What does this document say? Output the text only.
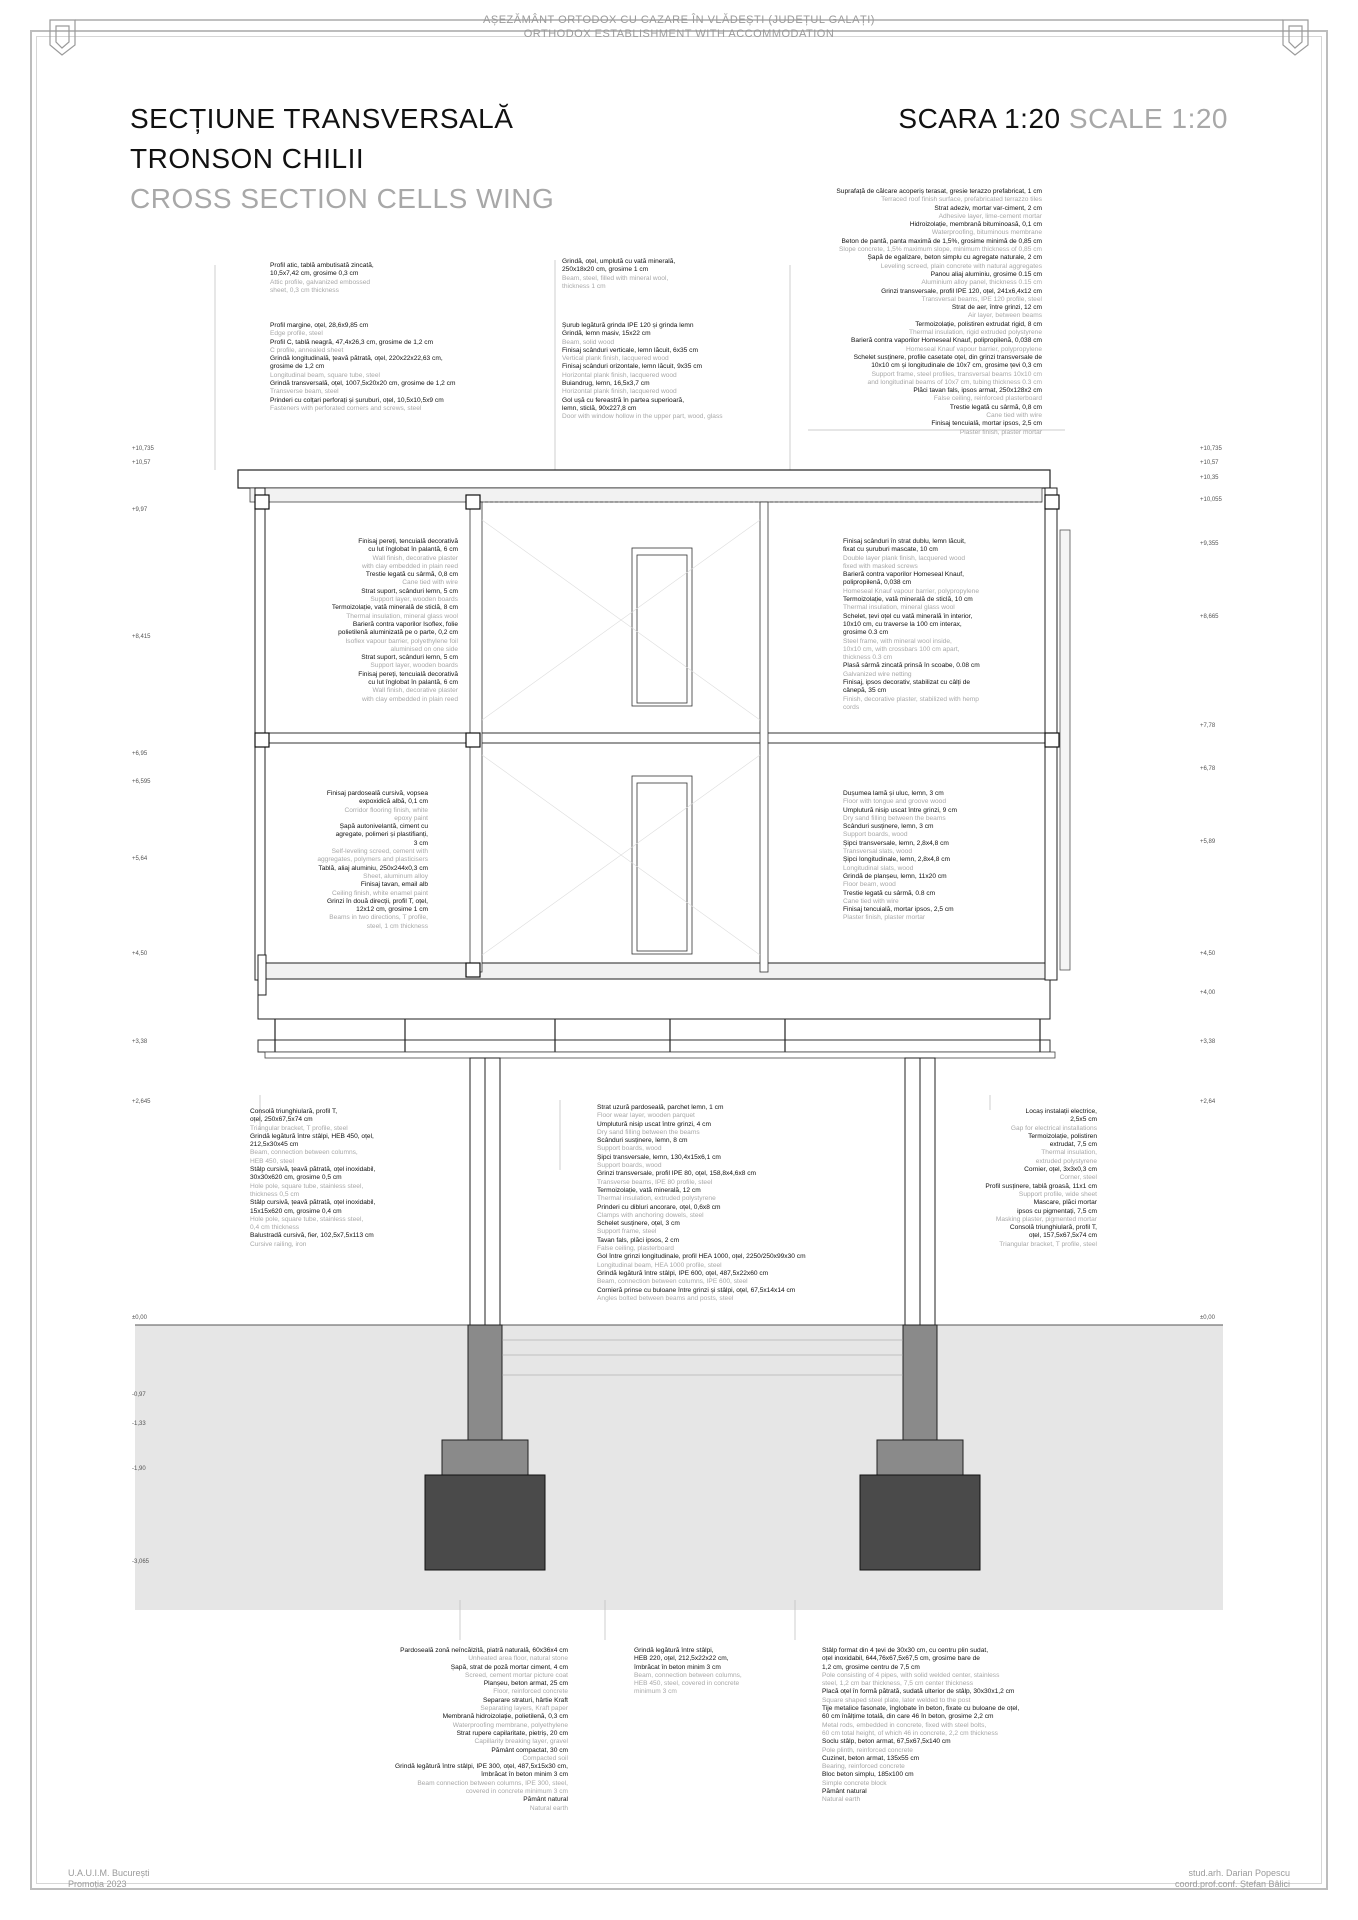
AȘEZĂMÂNT ORTODOX CU CAZARE ÎN VLĂDEȘTI (JUDEȚUL GALAȚI)
ORTHODOX ESTABLISHMENT WITH ACCOMMODATION
SECȚIUNE TRANSVERSALĂ
TRONSON CHILII
CROSS SECTION CELLS WING
SCARA 1:20 SCALE 1:20
+10,735
+10,57
+9,97
+8,415
+6,95
+6,595
+5,64
+4,50
+3,38
+2,645
±0,00
-0,97
-1,33
-1,90
-3,065
+10,735
+10,57
+10,35
+10,055
+9,355
+8,665
+7,78
+6,78
+5,89
+4,50
+4,00
+3,38
+2,64
±0,00
Profil atic, tablă ambutisată zincată,
10,5x7,42 cm, grosime 0,3 cm
Attic profile, galvanized embossed
sheet, 0,3 cm thickness
Profil margine, oțel, 28,6x9,85 cm
Edge profile, steel
Profil C, tablă neagră, 47,4x26,3 cm, grosime de 1,2 cm
C profile, annealed sheet
Grindă longitudinală, țeavă pătrată, oțel, 220x22x22,63 cm,
grosime de 1,2 cm
Longitudinal beam, square tube, steel
Grindă transversală, oțel, 1007,5x20x20 cm, grosime de 1,2 cm
Transverse beam, steel
Prinderi cu colțari perforați și șuruburi, oțel, 10,5x10,5x9 cm
Fasteners with perforated corners and screws, steel
Grindă, oțel, umplută cu vată minerală,
250x18x20 cm, grosime 1 cm
Beam, steel, filled with mineral wool,
thickness 1 cm
Șurub legătură grinda IPE 120 și grinda lemn
Grindă, lemn masiv, 15x22 cm
Beam, solid wood
Finisaj scânduri verticale, lemn lăcuit, 6x35 cm
Vertical plank finish, lacquered wood
Finisaj scânduri orizontale, lemn lăcuit, 9x35 cm
Horizontal plank finish, lacquered wood
Buiandrug, lemn, 16,5x3,7 cm
Horizontal plank finish, lacquered wood
Gol ușă cu fereastră în partea superioară,
lemn, sticlă, 90x227,8 cm
Door with window hollow in the upper part, wood, glass
Suprafață de călcare acoperiș terasat, gresie terazzo prefabricat, 1 cm
Terraced roof finish surface, prefabricated terrazzo tiles
Strat adeziv, mortar var-ciment, 2 cm
Adhesive layer, lime-cement mortar
Hidroizolație, membrană bituminoasă, 0,1 cm
Waterproofing, bituminous membrane
Beton de pantă, panta maximă de 1,5%, grosime minimă de 0,85 cm
Slope concrete, 1,5% maximum slope, minimum thickness of 0,85 cm
Șapă de egalizare, beton simplu cu agregate naturale, 2 cm
Leveling screed, plain concrete with natural aggregates
Panou aliaj aluminiu, grosime 0.15 cm
Aluminium alloy panel, thickness 0.15 cm
Grinzi transversale, profil IPE 120, oțel, 241x6,4x12 cm
Transversal beams, IPE 120 profile, steel
Strat de aer, între grinzi, 12 cm
Air layer, between beams
Termoizolație, polistiren extrudat rigid, 8 cm
Thermal insulation, rigid extruded polystyrene
Barieră contra vaporilor Homeseal Knauf, polipropilenă, 0,038 cm
Homeseal Knauf vapour barrier, polypropylene
Schelet susținere, profile casetate oțel, din grinzi transversale de
10x10 cm și longitudinale de 10x7 cm, grosime țevi 0,3 cm
Support frame, steel profiles, transversal beams 10x10 cm
and longitudinal beams of 10x7 cm, tubing thickness 0.3 cm
Plăci tavan fals, ipsos armat, 250x128x2 cm
False ceiling, reinforced plasterboard
Trestie legată cu sârmă, 0,8 cm
Cane tied with wire
Finisaj tencuială, mortar ipsos, 2,5 cm
Plaster finish, plaster mortar
Finisaj pereți, tencuială decorativă
cu lut înglobat în palantă, 6 cm
Wall finish, decorative plaster
with clay embedded in plain reed
Trestie legată cu sârmă, 0,8 cm
Cane tied with wire
Strat suport, scânduri lemn, 5 cm
Support layer, wooden boards
Termoizolație, vată minerală de sticlă, 8 cm
Thermal insulation, mineral glass wool
Barieră contra vaporilor Isoflex, folie
polietilenă aluminizată pe o parte, 0,2 cm
Isoflex vapour barrier, polyethylene foil
aluminised on one side
Strat suport, scânduri lemn, 5 cm
Support layer, wooden boards
Finisaj pereți, tencuială decorativă
cu lut înglobat în palantă, 6 cm
Wall finish, decorative plaster
with clay embedded in plain reed
Finisaj scânduri în strat dublu, lemn lăcuit,
fixat cu șuruburi mascate, 10 cm
Double layer plank finish, lacquered wood
fixed with masked screws
Barieră contra vaporilor Homeseal Knauf,
polipropilenă, 0,038 cm
Homeseal Knauf vapour barrier, polypropylene
Termoizolație, vată minerală de sticlă, 10 cm
Thermal insulation, mineral glass wool
Schelet, țevi oțel cu vată minerală în interior,
10x10 cm, cu traverse la 100 cm interax,
grosime 0.3 cm
Steel frame, with mineral wool inside,
10x10 cm, with crossbars 100 cm apart,
thickness 0.3 cm
Plasă sârmă zincată prinsă în scoabe, 0.08 cm
Galvanized wire netting
Finisaj, ipsos decorativ, stabilizat cu câlți de
cânepă, 35 cm
Finish, decorative plaster, stabilized with hemp
cords
Finisaj pardoseală cursivă, vopsea
expoxidică albă, 0,1 cm
Corridor flooring finish, white
epoxy paint
Șapă autonivelantă, ciment cu
agregate, polimeri și plastifianți,
3 cm
Self-leveling screed, cement with
aggregates, polymers and plasticisers
Tablă, aliaj aluminiu, 250x244x0,3 cm
Sheet, aluminum alloy
Finisaj tavan, email alb
Ceiling finish, white enamel paint
Grinzi în două direcții, profil T, oțel,
12x12 cm, grosime 1 cm
Beams in two directions, T profile,
steel, 1 cm thickness
Dușumea lamă și uluc, lemn, 3 cm
Floor with tongue and groove wood
Umplutură nisip uscat între grinzi, 9 cm
Dry sand filling between the beams
Scânduri susținere, lemn, 3 cm
Support boards, wood
Șipci transversale, lemn, 2,8x4,8 cm
Transversal slats, wood
Șipci longitudinale, lemn, 2,8x4,8 cm
Longitudinal slats, wood
Grindă de planșeu, lemn, 11x20 cm
Floor beam, wood
Trestie legată cu sârmă, 0.8 cm
Cane tied with wire
Finisaj tencuială, mortar ipsos, 2,5 cm
Plaster finish, plaster mortar
Consolă triunghiulară, profil T,
oțel, 250x67,5x74 cm
Triangular bracket, T profile, steel
Grindă legătură între stâlpi, HEB 450, oțel,
212,5x30x45 cm
Beam, connection between columns,
HEB 450, steel
Stâlp cursivă, țeavă pătrată, oțel inoxidabil,
30x30x620 cm, grosime 0,5 cm
Hole pole, square tube, stainless steel,
thickness 0,5 cm
Stâlp cursivă, țeavă pătrată, oțel inoxidabil,
15x15x620 cm, grosime 0,4 cm
Hole pole, square tube, stainless steel,
0,4 cm thickness
Balustradă cursivă, fier, 102,5x7,5x113 cm
Cursive railing, iron
Strat uzură pardoseală, parchet lemn, 1 cm
Floor wear layer, wooden parquet
Umplutură nisip uscat între grinzi, 4 cm
Dry sand filling between the beams
Scânduri susținere, lemn, 8 cm
Support boards, wood
Șipci transversale, lemn, 130,4x15x6,1 cm
Support boards, wood
Grinzi transversale, profil IPE 80, oțel, 158,8x4,6x8 cm
Transverse beams, IPE 80 profile, steel
Termoizolație, vată minerală, 12 cm
Thermal insulation, extruded polystyrene
Prinderi cu dibluri ancorare, oțel, 0,6x8 cm
Clamps with anchoring dowels, steel
Schelet susținere, oțel, 3 cm
Support frame, steel
Tavan fals, plăci ipsos, 2 cm
False ceiling, plasterboard
Gol între grinzi longitudinale, profil HEA 1000, oțel, 2250/250x99x30 cm
Longitudinal beam, HEA 1000 profile, steel
Grindă legătură între stâlpi, IPE 600, oțel, 487,5x22x60 cm
Beam, connection between columns, IPE 600, steel
Cornieră prinse cu buloane între grinzi și stâlpi, oțel, 67,5x14x14 cm
Angles bolted between beams and posts, steel
Locaș instalații electrice,
2,5x5 cm
Gap for electrical installations
Termoizolație, polistiren
extrudat, 7,5 cm
Thermal insulation,
extruded polystyrene
Cornier, oțel, 3x3x0,3 cm
Corner, steel
Profil susținere, tablă groasă, 11x1 cm
Support profile, wide sheet
Mascare, plăci mortar
ipsos cu pigmentați, 7,5 cm
Masking plaster, pigmented mortar
Consolă triunghiulară, profil T,
oțel, 157,5x67,5x74 cm
Triangular bracket, T profile, steel
Pardoseală zonă neîncălzită, piatră naturală, 60x36x4 cm
Unheated area floor, natural stone
Șapă, strat de poză mortar ciment, 4 cm
Screed, cement mortar picture coat
Planșeu, beton armat, 25 cm
Floor, reinforced concrete
Separare straturi, hârtie Kraft
Separating layers, Kraft paper
Membrană hidroizolație, polietilenă, 0,3 cm
Waterproofing membrane, polyethylene
Strat rupere capilaritate, pietriș, 20 cm
Capillarity breaking layer, gravel
Pământ compactat, 30 cm
Compacted soil
Grindă legătură între stâlpi, IPE 300, oțel, 487,5x15x30 cm,
îmbrăcat în beton minim 3 cm
Beam connection between columns, IPE 300, steel,
covered in concrete minimum 3 cm
Pământ natural
Natural earth
Grindă legătură între stâlpi,
HEB 220, oțel, 212,5x22x22 cm,
îmbrăcat în beton minim 3 cm
Beam, connection between columns,
HEB 450, steel, covered in concrete
minimum 3 cm
Stâlp format din 4 țevi de 30x30 cm, cu centru plin sudat,
oțel inoxidabil, 644,76x67,5x67,5 cm, grosime bare de
1,2 cm, grosime centru de 7,5 cm
Pole consisting of 4 pipes, with solid welded center, stainless
steel, 1,2 cm bar thickness, 7,5 cm center thickness
Placă oțel în formă pătrată, sudată ulterior de stâlp, 30x30x1,2 cm
Square shaped steel plate, later welded to the post
Tije metalice fasonate, înglobate în beton, fixate cu buloane de oțel,
60 cm înălțime totală, din care 46 în beton, grosime 2,2 cm
Metal rods, embedded in concrete, fixed with steel bolts,
60 cm total height, of which 46 in concrete, 2,2 cm thickness
Soclu stâlp, beton armat, 67,5x67,5x140 cm
Pole plinth, reinforced concrete
Cuzinet, beton armat, 135x55 cm
Bearing, reinforced concrete
Bloc beton simplu, 185x100 cm
Simple concrete block
Pământ natural
Natural earth
U.A.U.I.M. București
Promoția 2023
stud.arh. Darian Popescu
coord.prof.conf. Ștefan Bâlici
